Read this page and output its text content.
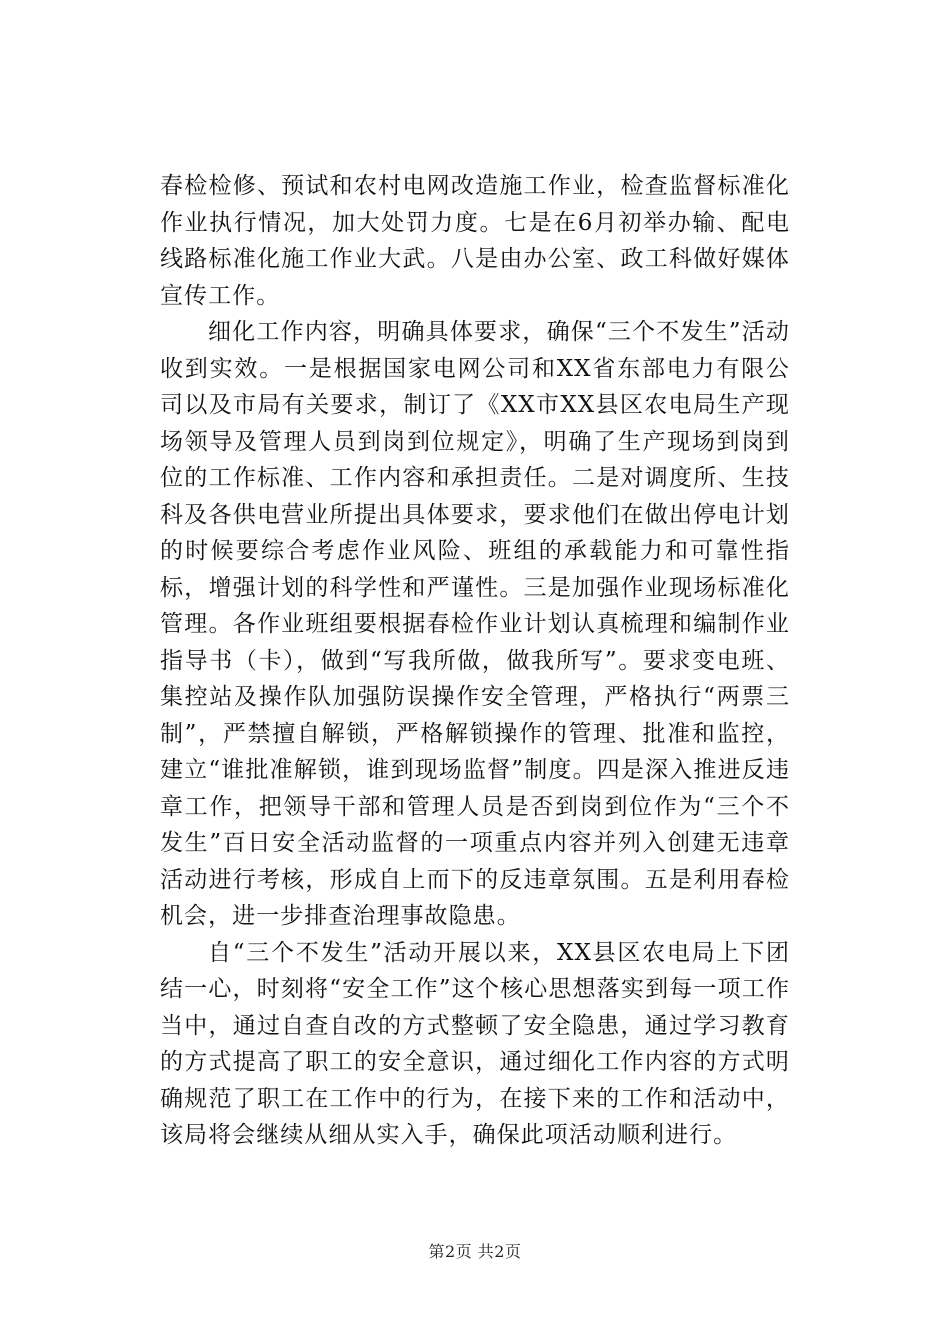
春检检修、预试和农村电网改造施工作业，检查监督标准化作业执行情况，加大处罚力度。七是在6月初举办输、配电线路标准化施工作业大武。八是由办公室、政工科做好媒体宣传工作。

细化工作内容，明确具体要求，确保“三个不发生”活动收到实效。一是根据国家电网公司和XX省东部电力有限公司以及市局有关要求，制订了《XX市XX县区农电局生产现场领导及管理人员到岗到位规定》，明确了生产现场到岗到位的工作标准、工作内容和承担责任。二是对调度所、生技科及各供电营业所提出具体要求，要求他们在做出停电计划的时候要综合考虑作业风险、班组的承载能力和可靠性指标，增强计划的科学性和严谨性。三是加强作业现场标准化管理。各作业班组要根据春检作业计划认真梳理和编制作业指导书（卡），做到“写我所做，做我所写”。要求变电班、集控站及操作队加强防误操作安全管理，严格执行“两票三制”，严禁擅自解锁，严格解锁操作的管理、批准和监控，建立“谁批准解锁，谁到现场监督”制度。四是深入推进反违章工作，把领导干部和管理人员是否到岗到位作为“三个不发生”百日安全活动监督的一项重点内容并列入创建无违章活动进行考核，形成自上而下的反违章氛围。五是利用春检机会，进一步排查治理事故隐患。

自“三个不发生”活动开展以来，XX县区农电局上下团结一心，时刻将“安全工作”这个核心思想落实到每一项工作当中，通过自查自改的方式整顿了安全隐患，通过学习教育的方式提高了职工的安全意识，通过细化工作内容的方式明确规范了职工在工作中的行为，在接下来的工作和活动中，该局将会继续从细从实入手，确保此项活动顺利进行。

第2页 共2页
